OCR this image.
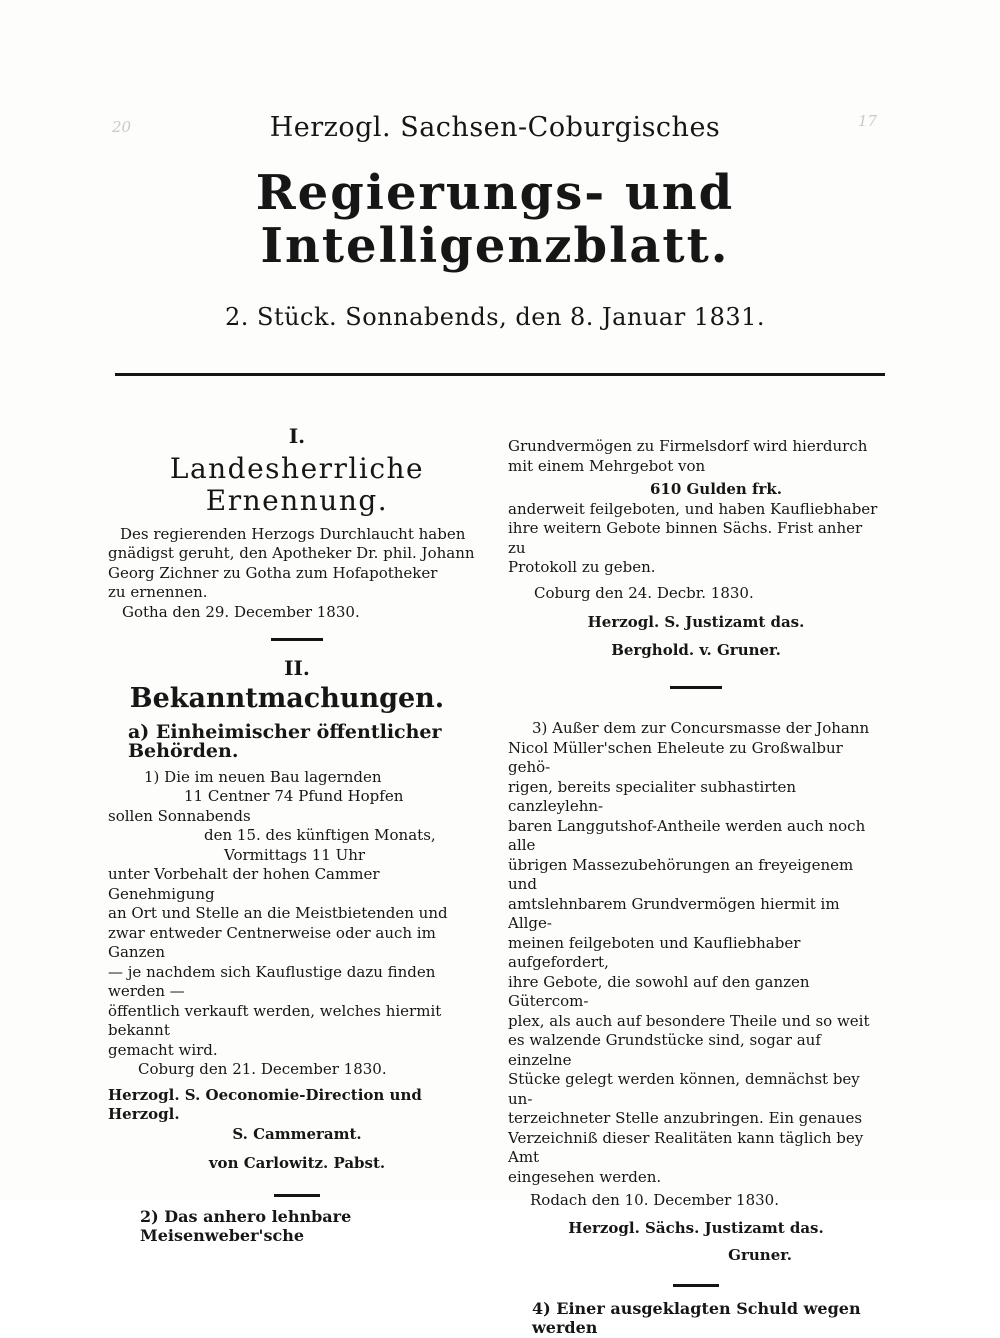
20	17
Herzogl. Sachsen-Coburgisches
Regierungs- und Intelligenzblatt.
2. Stück. Sonnabends, den 8. Januar 1831.
I.
Landesherrliche Ernennung.
Des regierenden Herzogs Durchlaucht haben
gnädigst geruht, den Apotheker Dr. phil. Johann
Georg Zichner zu Gotha zum Hofapotheker
zu ernennen.
Gotha den 29. December 1830.
II.
Bekanntmachungen.
a) Einheimischer öffentlicher Behörden.
1) Die im neuen Bau lagernden
11 Centner 74 Pfund Hopfen
sollen Sonnabends
den 15. des künftigen Monats,
Vormittags 11 Uhr
unter Vorbehalt der hohen Cammer Genehmigung
an Ort und Stelle an die Meistbietenden und
zwar entweder Centnerweise oder auch im Ganzen
— je nachdem sich Kauflustige dazu finden werden —
öffentlich verkauft werden, welches hiermit bekannt
gemacht wird.
Coburg den 21. December 1830.
Herzogl. S. Oeconomie-Direction und Herzogl.
S. Cammeramt.
von Carlowitz. Pabst.
2) Das anhero lehnbare Meisenweber'sche
Grundvermögen zu Firmelsdorf wird hierdurch
mit einem Mehrgebot von
610 Gulden frk.
anderweit feilgeboten, und haben Kaufliebhaber
ihre weitern Gebote binnen Sächs. Frist anher zu
Protokoll zu geben.
Coburg den 24. Decbr. 1830.
Herzogl. S. Justizamt das.
Berghold. v. Gruner.
3) Außer dem zur Concursmasse der Johann
Nicol Müller'schen Eheleute zu Großwalbur gehö-
rigen, bereits specialiter subhastirten canzleylehn-
baren Langgutshof-Antheile werden auch noch alle
übrigen Massezubehörungen an freyeigenem und
amtslehnbarem Grundvermögen hiermit im Allge-
meinen feilgeboten und Kaufliebhaber aufgefordert,
ihre Gebote, die sowohl auf den ganzen Gütercom-
plex, als auch auf besondere Theile und so weit
es walzende Grundstücke sind, sogar auf einzelne
Stücke gelegt werden können, demnächst bey un-
terzeichneter Stelle anzubringen. Ein genaues
Verzeichniß dieser Realitäten kann täglich bey Amt
eingesehen werden.
Rodach den 10. December 1830.
Herzogl. Sächs. Justizamt das.
Gruner.
4) Einer ausgeklagten Schuld wegen werden
